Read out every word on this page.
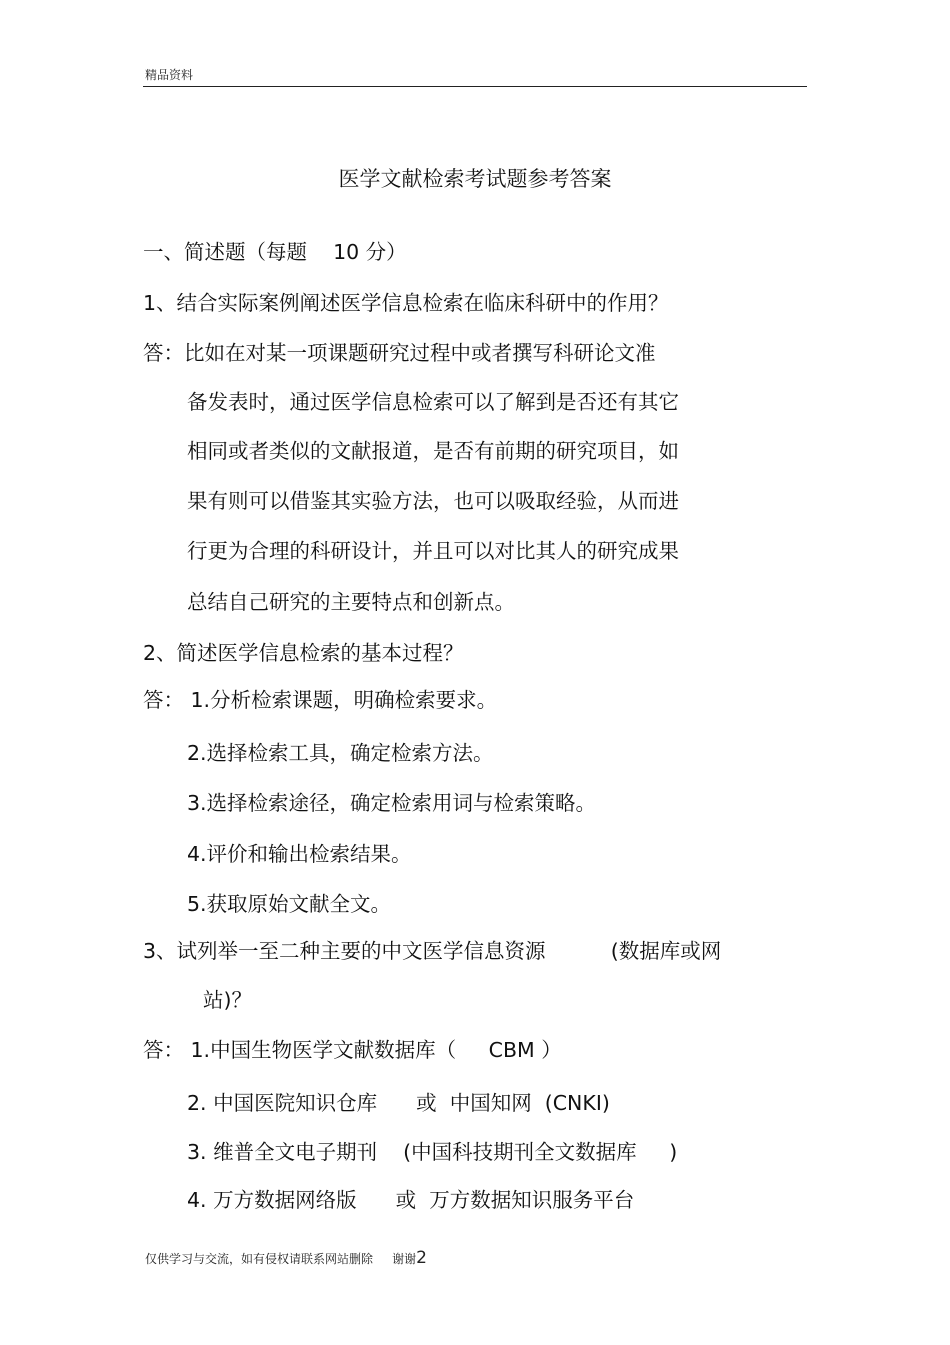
精品资料
医学文献检索考试题参考答案
一、简述题（每题    10 分）
1、结合实际案例阐述医学信息检索在临床科研中的作用？
答：比如在对某一项课题研究过程中或者撰写科研论文准
备发表时，通过医学信息检索可以了解到是否还有其它
相同或者类似的文献报道，是否有前期的研究项目，如
果有则可以借鉴其实验方法，也可以吸取经验，从而进
行更为合理的科研设计，并且可以对比其人的研究成果
总结自己研究的主要特点和创新点。
2、简述医学信息检索的基本过程？
答： 1.分析检索课题，明确检索要求。
2.选择检索工具，确定检索方法。
3.选择检索途径，确定检索用词与检索策略。
4.评价和输出检索结果。
5.获取原始文献全文。
3、试列举一至二种主要的中文医学信息资源          (数据库或网
站)？
答： 1.中国生物医学文献数据库（     CBM ）
2. 中国医院知识仓库      或  中国知网  (CNKI)
3. 维普全文电子期刊    (中国科技期刊全文数据库     )
4. 万方数据网络版      或  万方数据知识服务平台
仅供学习与交流，如有侵权请联系网站删除     谢谢2
